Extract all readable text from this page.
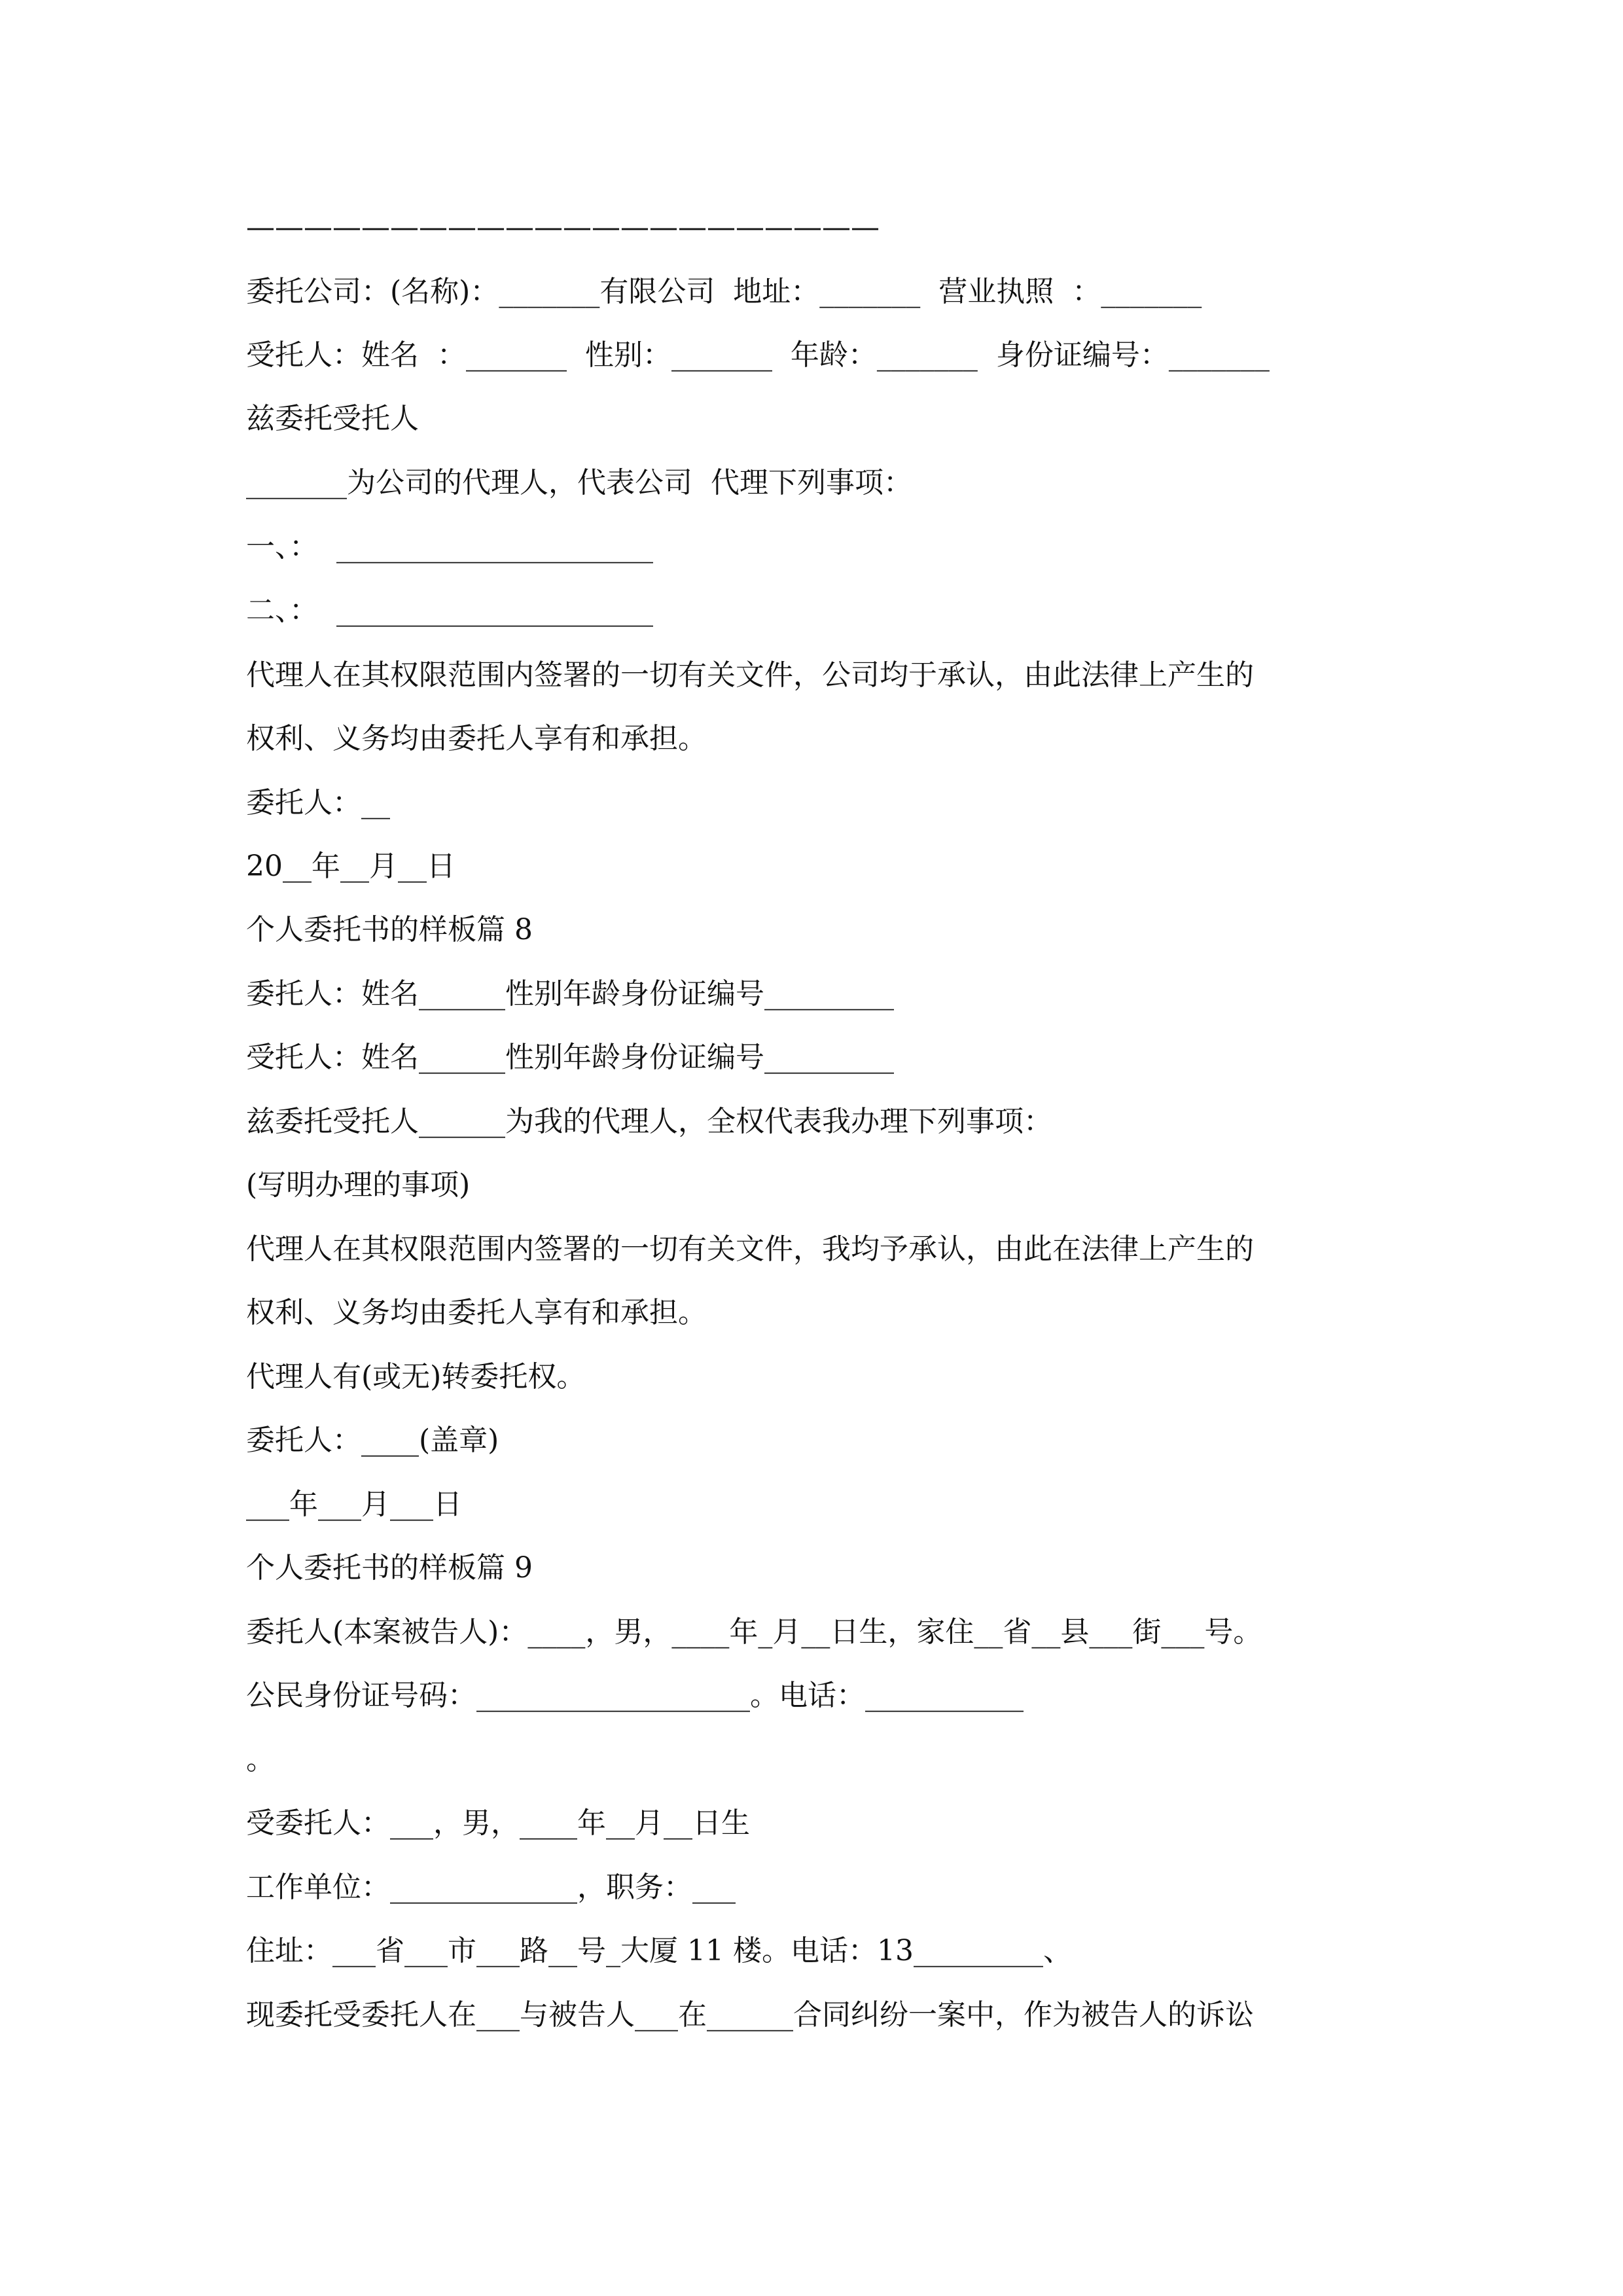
——————————————————————
委托公司：(名称)：_______有限公司  地址：_______  营业执照  ：_______
受托人：姓名  ：_______  性别：_______  年龄：_______  身份证编号：_______
兹委托受托人
_______为公司的代理人，代表公司  代理下列事项：
一、：  ______________________
二、：  ______________________
代理人在其权限范围内签署的一切有关文件，公司均于承认，由此法律上产生的
权利、义务均由委托人享有和承担。
委托人：__
20__年__月__日
个人委托书的样板篇 8
委托人：姓名______性别年龄身份证编号_________
受托人：姓名______性别年龄身份证编号_________
兹委托受托人______为我的代理人，全权代表我办理下列事项：
(写明办理的事项)
代理人在其权限范围内签署的一切有关文件，我均予承认，由此在法律上产生的
权利、义务均由委托人享有和承担。
代理人有(或无)转委托权。
委托人：____(盖章)
___年___月___日
个人委托书的样板篇 9
委托人(本案被告人)：____，男，____年_月__日生，家住__省__县___街___号。
公民身份证号码：___________________。电话：___________
。
受委托人：___，男，____年__月__日生
工作单位：_____________，职务：___
住址：___省___市___路__号_大厦 11 楼。电话：13_________、
现委托受委托人在___与被告人___在______合同纠纷一案中，作为被告人的诉讼
